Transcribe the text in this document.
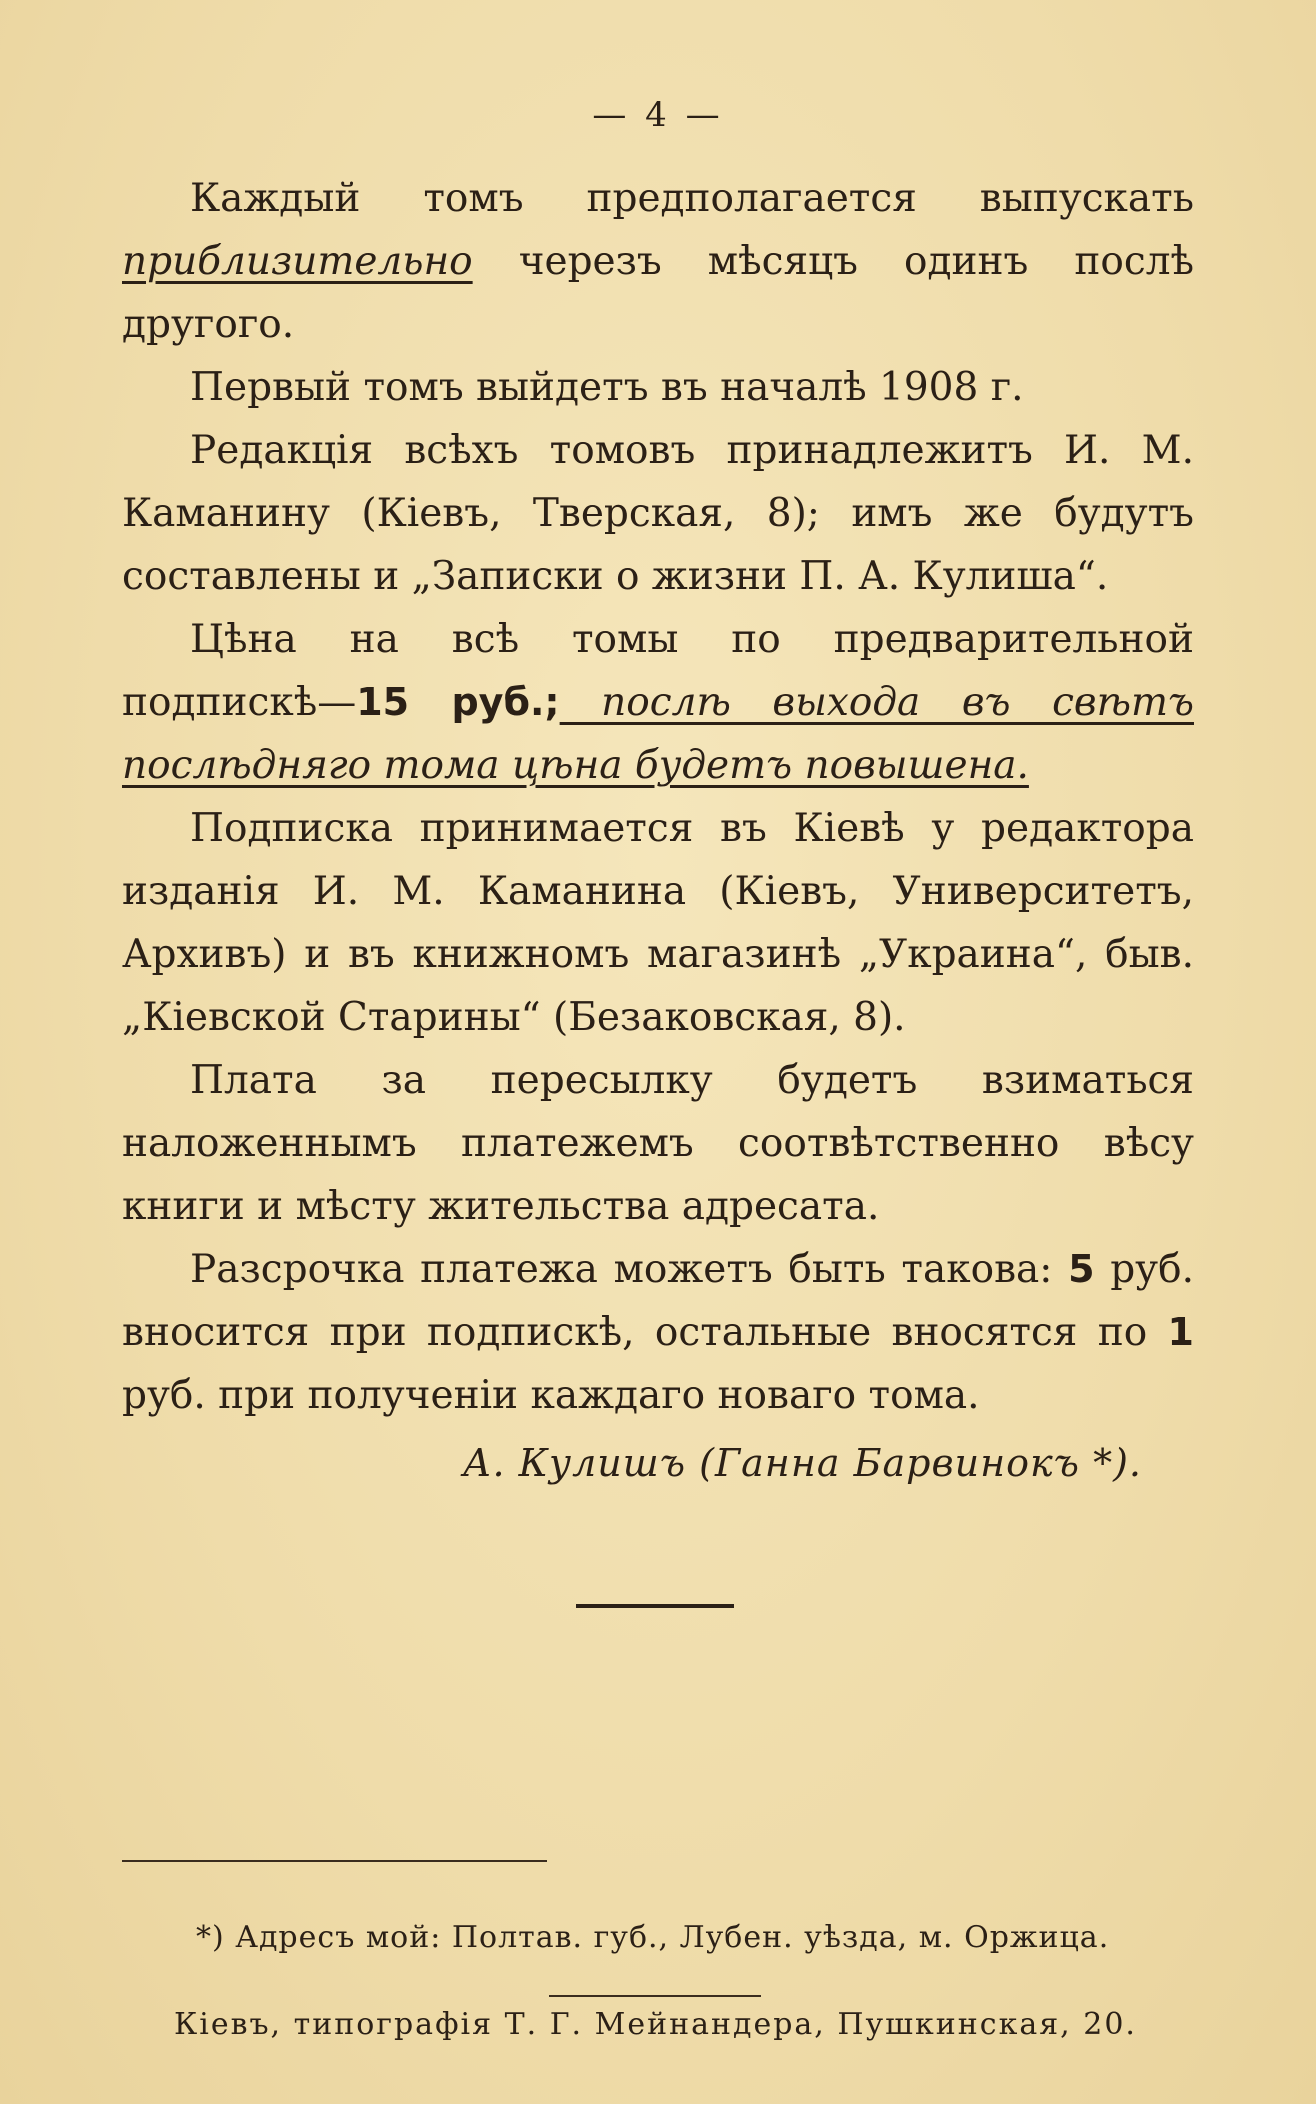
— 4 —

Каждый томъ предполагается выпускать приблизительно черезъ мѣсяцъ одинъ послѣ другого.

Первый томъ выйдетъ въ началѣ 1908 г.

Редакція всѣхъ томовъ принадлежитъ И. М. Каманину (Кіевъ, Тверская, 8); имъ же будутъ составлены и „Записки о жизни П. А. Кулиша“.

Цѣна на всѣ томы по предварительной подпискѣ—15 руб.; послѣ выхода въ свѣтъ послѣдняго тома цѣна будетъ повышена.

Подписка принимается въ Кіевѣ у редактора изданія И. М. Каманина (Кіевъ, Университетъ, Архивъ) и въ книжномъ магазинѣ „Украина“, быв. „Кіевской Старины“ (Безаковская, 8).

Плата за пересылку будетъ взиматься наложеннымъ платежемъ соотвѣтственно вѣсу книги и мѣсту жительства адресата.

Разсрочка платежа можетъ быть такова: 5 руб. вносится при подпискѣ, остальные вносятся по 1 руб. при полученіи каждаго новаго тома.

А. Кулишъ (Ганна Барвинокъ *).
*) Адресъ мой: Полтав. губ., Лубен. уѣзда, м. Оржица.
Кіевъ, типографія Т. Г. Мейнандера, Пушкинская, 20.
